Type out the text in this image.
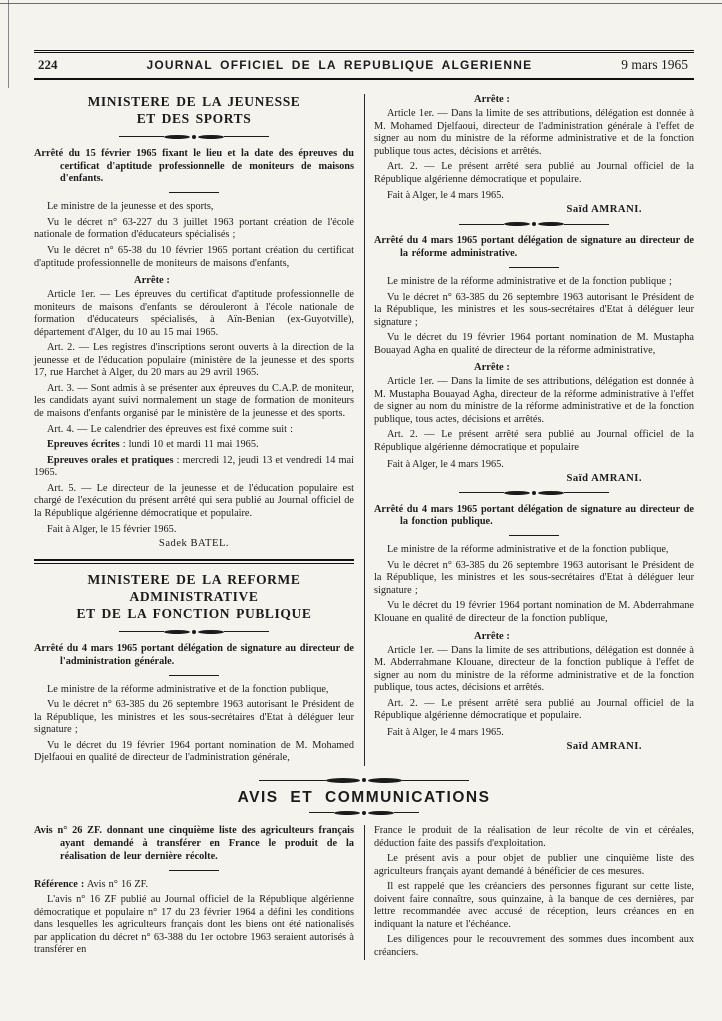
224	JOURNAL OFFICIEL DE LA REPUBLIQUE ALGERIENNE	9 mars 1965
MINISTERE DE LA JEUNESSE
ET DES SPORTS
Arrêté du 15 février 1965 fixant le lieu et la date des épreuves du certificat d'aptitude professionnelle de moniteurs de maisons d'enfants.

Le ministre de la jeunesse et des sports,

Vu le décret n° 63-227 du 3 juillet 1963 portant création de l'école nationale de formation d'éducateurs spécialisés ;

Vu le décret n° 65-38 du 10 février 1965 portant création du certificat d'aptitude professionnelle de moniteurs de maisons d'enfants,

Arrête :

Article 1er. — Les épreuves du certificat d'aptitude professionnelle de moniteurs de maisons d'enfants se dérouleront à l'école nationale de formation d'éducateurs spécialisés, à Aïn-Benian (ex-Guyotville), département d'Alger, du 10 au 15 mai 1965.

Art. 2. — Les registres d'inscriptions seront ouverts à la direction de la jeunesse et de l'éducation populaire (ministère de la jeunesse et des sports 17, rue Harchet à Alger, du 20 mars au 29 avril 1965.

Art. 3. — Sont admis à se présenter aux épreuves du C.A.P. de moniteur, les candidats ayant suivi normalement un stage de formation de moniteurs de maisons d'enfants organisé par le ministère de la jeunesse et des sports.

Art. 4. — Le calendrier des épreuves est fixé comme suit :

Epreuves écrites : lundi 10 et mardi 11 mai 1965.

Epreuves orales et pratiques : mercredi 12, jeudi 13 et vendredi 14 mai 1965.

Art. 5. — Le directeur de la jeunesse et de l'éducation populaire est chargé de l'exécution du présent arrêté qui sera publié au Journal officiel de la République algérienne démocratique et populaire.

Fait à Alger, le 15 février 1965.

Sadek BATEL.

MINISTERE DE LA REFORME ADMINISTRATIVE
ET DE LA FONCTION PUBLIQUE
Arrêté du 4 mars 1965 portant délégation de signature au directeur de l'administration générale.

Le ministre de la réforme administrative et de la fonction publique,

Vu le décret n° 63-385 du 26 septembre 1963 autorisant le Président de la République, les ministres et les sous-secrétaires d'Etat à déléguer leur signature ;

Vu le décret du 19 février 1964 portant nomination de M. Mohamed Djelfaoui en qualité de directeur de l'administration générale,

Arrête :

Article 1er. — Dans la limite de ses attributions, délégation est donnée à M. Mohamed Djelfaoui, directeur de l'administration générale à l'effet de signer au nom du ministre de la réforme administrative et de la fonction publique tous actes, décisions et arrêtés.

Art. 2. — Le présent arrêté sera publié au Journal officiel de la République algérienne démocratique et populaire.

Fait à Alger, le 4 mars 1965.

Saïd AMRANI.

Arrêté du 4 mars 1965 portant délégation de signature au directeur de la réforme administrative.

Le ministre de la réforme administrative et de la fonction publique ;

Vu le décret n° 63-385 du 26 septembre 1963 autorisant le Président de la République, les ministres et les sous-secrétaires d'Etat à déléguer leur signature ;

Vu le décret du 19 février 1964 portant nomination de M. Mustapha Bouayad Agha en qualité de directeur de la réforme administrative,

Arrête :

Article 1er. — Dans la limite de ses attributions, délégation est donnée à M. Mustapha Bouayad Agha, directeur de la réforme administrative à l'effet de signer au nom du ministre de la réforme administrative et de la fonction publique, tous actes, décisions et arrêtés.

Art. 2. — Le présent arrêté sera publié au Journal officiel de la République algérienne démocratique et populaire

Fait à Alger, le 4 mars 1965.

Saïd AMRANI.

Arrêté du 4 mars 1965 portant délégation de signature au directeur de la fonction publique.

Le ministre de la réforme administrative et de la fonction publique,

Vu le décret n° 63-385 du 26 septembre 1963 autorisant le Président de la République, les ministres et les sous-secrétaires d'Etat à déléguer leur signature ;

Vu le décret du 19 février 1964 portant nomination de M. Abderrahmane Klouane en qualité de directeur de la fonction publique,

Arrête :

Article 1er. — Dans la limite de ses attributions, délégation est donnée à M. Abderrahmane Klouane, directeur de la fonction publique à l'effet de signer au nom du ministre de la réforme administrative et de la fonction publique, tous actes, décisions et arrêtés.

Art. 2. — Le présent arrêté sera publié au Journal officiel de la République algérienne démocratique et populaire.

Fait à Alger, le 4 mars 1965.

Saïd AMRANI.

AVIS ET COMMUNICATIONS
Avis n° 26 ZF. donnant une cinquième liste des agriculteurs français ayant demandé à transférer en France le produit de la réalisation de leur dernière récolte.

Référence : Avis n° 16 ZF.

L'avis n° 16 ZF publié au Journal officiel de la République algérienne démocratique et populaire n° 17 du 23 février 1964 a défini les conditions dans lesquelles les agriculteurs français dont les biens ont été nationalisés par application du décret n° 63-388 du 1er octobre 1963 seraient autorisés à transférer en

France le produit de la réalisation de leur récolte de vin et céréales, déduction faite des passifs d'exploitation.

Le présent avis a pour objet de publier une cinquième liste des agriculteurs français ayant demandé à bénéficier de ces mesures.

Il est rappelé que les créanciers des personnes figurant sur cette liste, doivent faire connaître, sous quinzaine, à la banque de ces dernières, par lettre recommandée avec accusé de réception, leurs créances en en indiquant la nature et l'échéance.

Les diligences pour le recouvrement des sommes dues incombent aux créanciers.
